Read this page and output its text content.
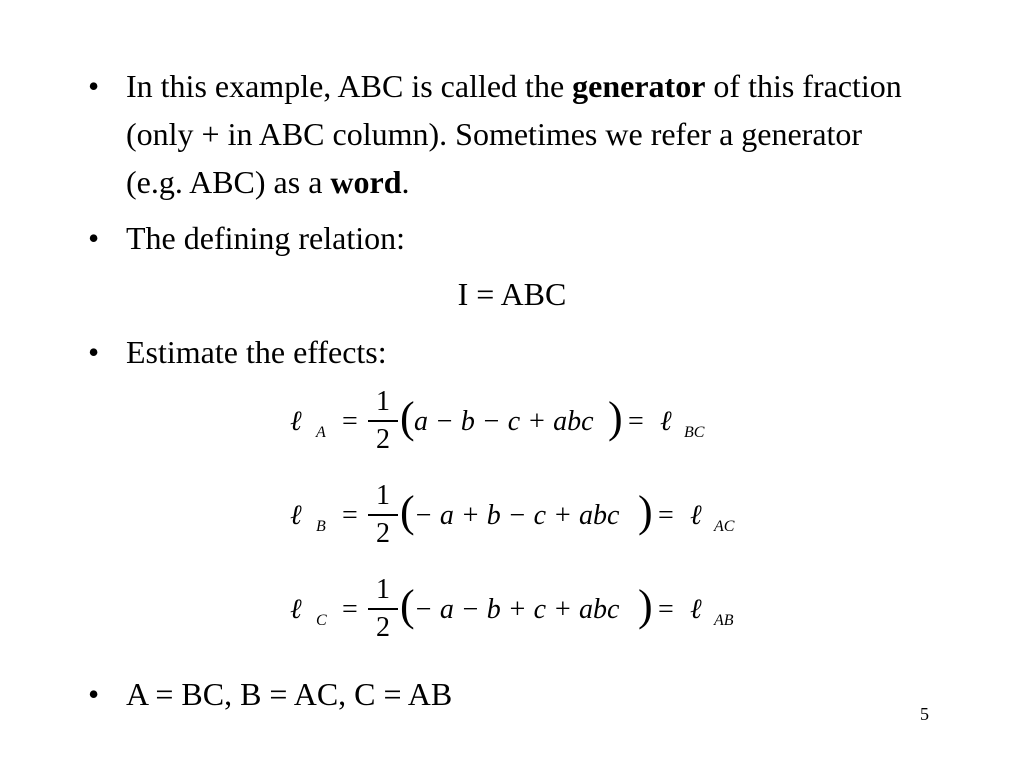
• In this example, ABC is called the generator of this fraction (only + in ABC column). Sometimes we refer a generator (e.g. ABC) as a word.
• The defining relation:
I = ABC
• Estimate the effects:
ℓ A =
1
2 ( a − b − c + abc ) = ℓ BC
ℓ B =
1
2 ( − a + b − c + abc ) = ℓ AC
ℓ C =
1
2 ( − a − b + c + abc ) = ℓ AB
• A = BC, B = AC, C = AB
5
